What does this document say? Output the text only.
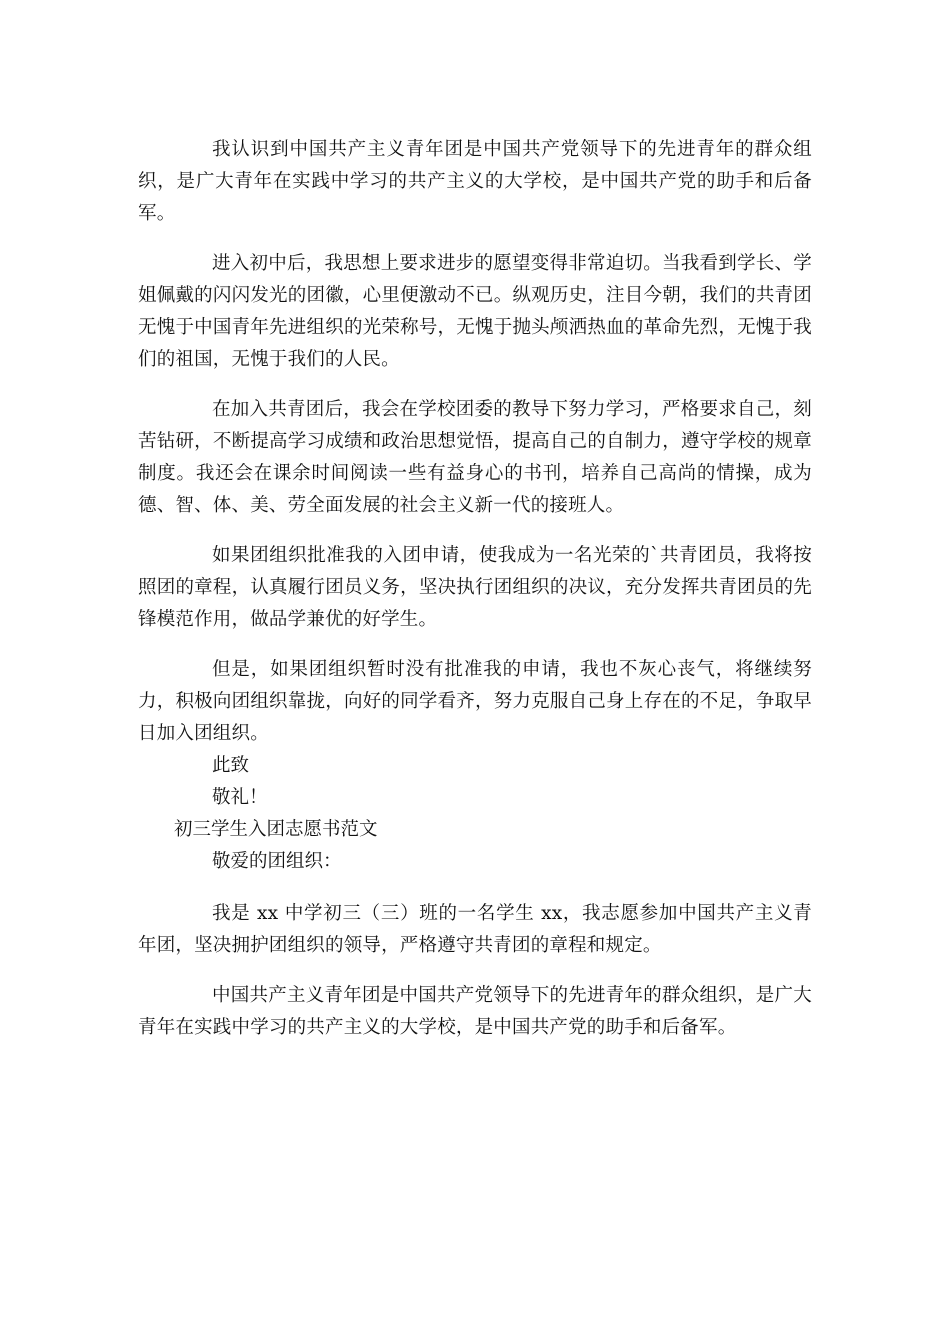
我认识到中国共产主义青年团是中国共产党领导下的先进青年的群众组织，是广大青年在实践中学习的共产主义的大学校，是中国共产党的助手和后备军。

进入初中后，我思想上要求进步的愿望变得非常迫切。当我看到学长、学姐佩戴的闪闪发光的团徽，心里便激动不已。纵观历史，注目今朝，我们的共青团无愧于中国青年先进组织的光荣称号，无愧于抛头颅洒热血的革命先烈，无愧于我们的祖国，无愧于我们的人民。

在加入共青团后，我会在学校团委的教导下努力学习，严格要求自己，刻苦钻研，不断提高学习成绩和政治思想觉悟，提高自己的自制力，遵守学校的规章制度。我还会在课余时间阅读一些有益身心的书刊，培养自己高尚的情操，成为德、智、体、美、劳全面发展的社会主义新一代的接班人。

如果团组织批准我的入团申请，使我成为一名光荣的`共青团员，我将按照团的章程，认真履行团员义务，坚决执行团组织的决议，充分发挥共青团员的先锋模范作用，做品学兼优的好学生。

但是，如果团组织暂时没有批准我的申请，我也不灰心丧气，将继续努力，积极向团组织靠拢，向好的同学看齐，努力克服自己身上存在的不足，争取早日加入团组织。

此致

敬礼！

初三学生入团志愿书范文

敬爱的团组织：

我是 xx 中学初三（三）班的一名学生 xx，我志愿参加中国共产主义青年团，坚决拥护团组织的领导，严格遵守共青团的章程和规定。

中国共产主义青年团是中国共产党领导下的先进青年的群众组织，是广大青年在实践中学习的共产主义的大学校，是中国共产党的助手和后备军。
